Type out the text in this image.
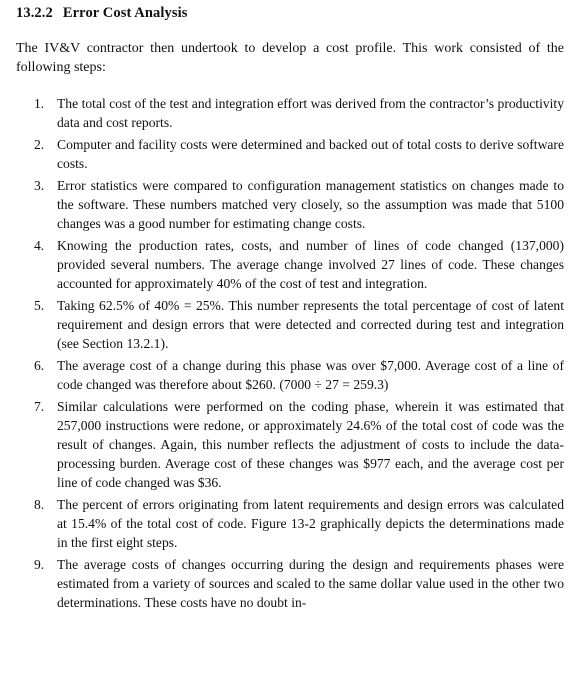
13.2.2 Error Cost Analysis

The IV&V contractor then undertook to develop a cost profile. This work consisted of the following steps:

1. The total cost of the test and integration effort was derived from the contractor’s productivity data and cost reports.
2. Computer and facility costs were determined and backed out of total costs to derive software costs.
3. Error statistics were compared to configuration management statistics on changes made to the software. These numbers matched very closely, so the assumption was made that 5100 changes was a good number for estimating change costs.
4. Knowing the production rates, costs, and number of lines of code changed (137,000) provided several numbers. The average change involved 27 lines of code. These changes accounted for approximately 40% of the cost of test and integration.
5. Taking 62.5% of 40% = 25%. This number represents the total percentage of cost of latent requirement and design errors that were detected and corrected during test and integration (see Section 13.2.1).
6. The average cost of a change during this phase was over $7,000. Average cost of a line of code changed was therefore about $260. (7000 ÷ 27 = 259.3)
7. Similar calculations were performed on the coding phase, wherein it was estimated that 257,000 instructions were redone, or approximately 24.6% of the total cost of code was the result of changes. Again, this number reflects the adjustment of costs to include the data-processing burden. Average cost of these changes was $977 each, and the average cost per line of code changed was $36.
8. The percent of errors originating from latent requirements and design errors was calculated at 15.4% of the total cost of code. Figure 13-2 graphically depicts the determinations made in the first eight steps.
9. The average costs of changes occurring during the design and requirements phases were estimated from a variety of sources and scaled to the same dollar value used in the other two determinations. These costs have no doubt in-
